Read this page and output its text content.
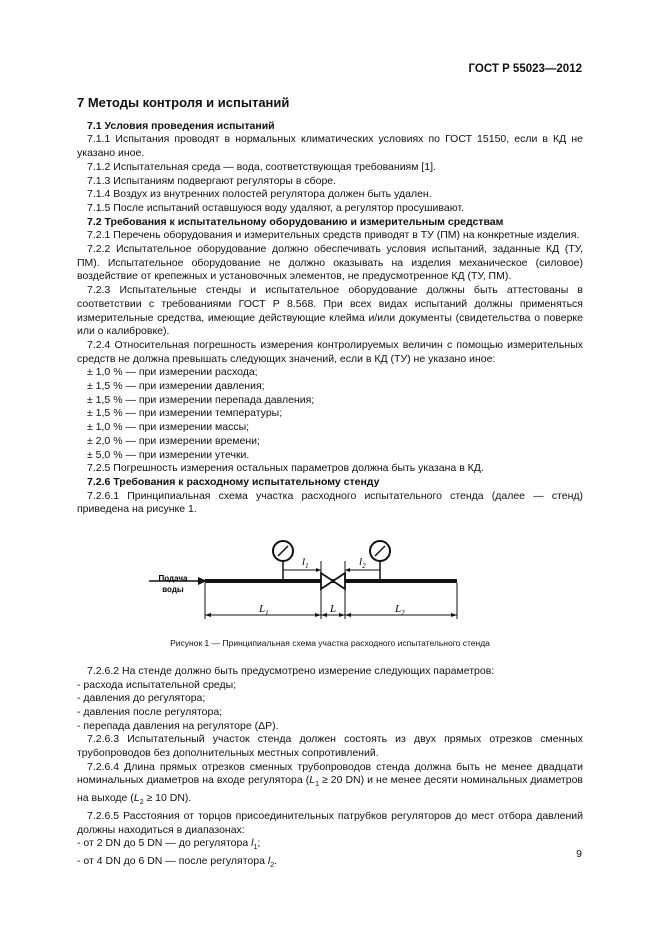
ГОСТ Р 55023—2012
7 Методы контроля и испытаний
7.1 Условия проведения испытаний
7.1.1 Испытания проводят в нормальных климатических условиях по ГОСТ 15150, если в КД не указано иное.
7.1.2 Испытательная среда — вода, соответствующая требованиям [1].
7.1.3 Испытаниям подвергают регуляторы в сборе.
7.1.4 Воздух из внутренних полостей регулятора должен быть удален.
7.1.5 После испытаний оставшуюся воду удаляют, а регулятор просушивают.
7.2 Требования к испытательному оборудованию и измерительным средствам
7.2.1 Перечень оборудования и измерительных средств приводят в ТУ (ПМ) на конкретные изделия.
7.2.2 Испытательное оборудование должно обеспечивать условия испытаний, заданные КД (ТУ, ПМ). Испытательное оборудование не должно оказывать на изделия механическое (силовое) воздействие от крепежных и установочных элементов, не предусмотренное КД (ТУ, ПМ).
7.2.3 Испытательные стенды и испытательное оборудование должны быть аттестованы в соответствии с требованиями ГОСТ Р 8.568. При всех видах испытаний должны применяться измерительные средства, имеющие действующие клейма и/или документы (свидетельства о поверке или о калибровке).
7.2.4 Относительная погрешность измерения контролируемых величин с помощью измерительных средств не должна превышать следующих значений, если в КД (ТУ) не указано иное:
± 1,0 % — при измерении расхода;
± 1,5 % — при измерении давления;
± 1,5 % — при измерении перепада давления;
± 1,5 % — при измерении температуры;
± 1,0 % — при измерении массы;
± 2,0 % — при измерении времени;
± 5,0 % — при измерении утечки.
7.2.5 Погрешность измерения остальных параметров должна быть указана в КД.
7.2.6 Требования к расходному испытательному стенду
7.2.6.1 Принципиальная схема участка расходного испытательного стенда (далее — стенд) приведена на рисунке 1.
Подача
воды
$l_1$	$l_2$
$L_1$	L	$L_2$
Рисунок 1 — Принципиальная схема участка расходного испытательного стенда
7.2.6.2 На стенде должно быть предусмотрено измерение следующих параметров:
- расхода испытательной среды;
- давления до регулятора;
- давления после регулятора;
- перепада давления на регуляторе (ΔP).
7.2.6.3 Испытательный участок стенда должен состоять из двух прямых отрезков сменных трубопроводов без дополнительных местных сопротивлений.
7.2.6.4 Длина прямых отрезков сменных трубопроводов стенда должна быть не менее двадцати номинальных диаметров на входе регулятора ($L_1 \ge 20$ DN) и не менее десяти номинальных диаметров на выходе ($L_2 \ge 10$ DN).
7.2.6.5 Расстояния от торцов присоединительных патрубков регуляторов до мест отбора давлений должны находиться в диапазонах:
- от 2 DN до 5 DN — до регулятора $l_1$;
- от 4 DN до 6 DN — после регулятора $l_2$.
9
